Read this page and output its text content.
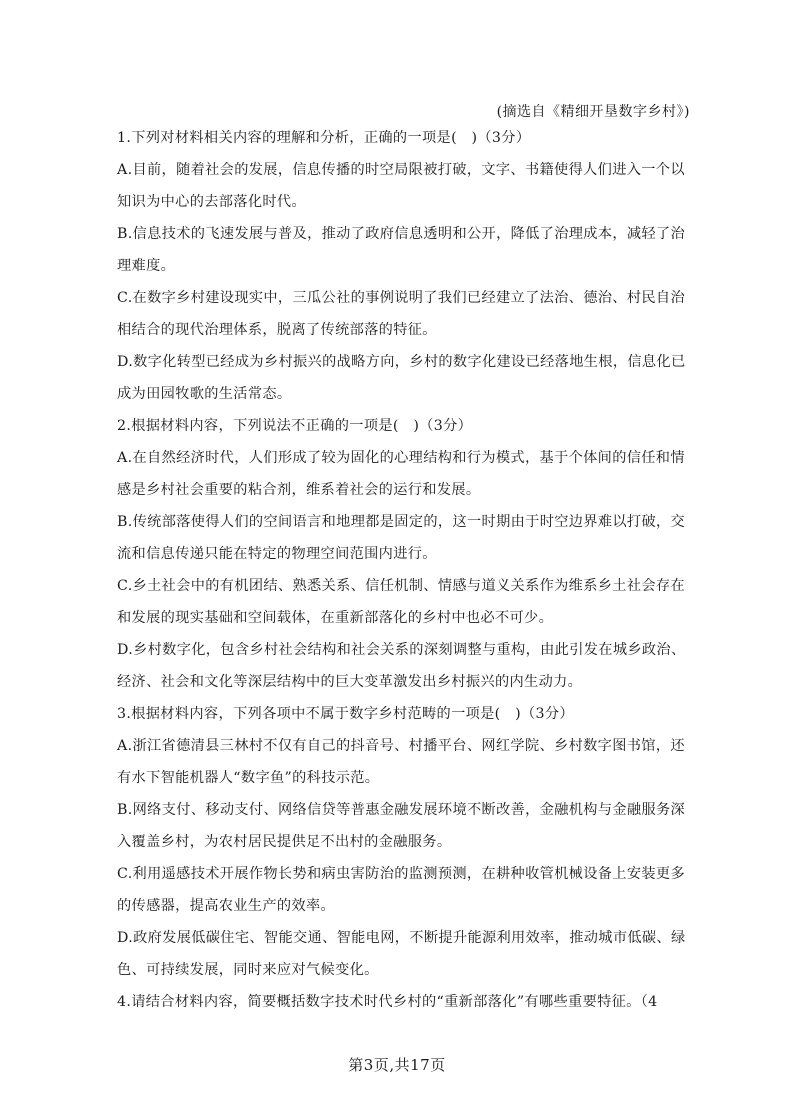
(摘选自《精细开垦数字乡村》)
1.下列对材料相关内容的理解和分析，正确的一项是(　)（3分）
A.目前，随着社会的发展，信息传播的时空局限被打破，文字、书籍使得人们进入一个以
知识为中心的去部落化时代。
B.信息技术的飞速发展与普及，推动了政府信息透明和公开，降低了治理成本，减轻了治
理难度。
C.在数字乡村建设现实中，三瓜公社的事例说明了我们已经建立了法治、德治、村民自治
相结合的现代治理体系，脱离了传统部落的特征。
D.数字化转型已经成为乡村振兴的战略方向，乡村的数字化建设已经落地生根，信息化已
成为田园牧歌的生活常态。
2.根据材料内容，下列说法不正确的一项是(　)（3分）
A.在自然经济时代，人们形成了较为固化的心理结构和行为模式，基于个体间的信任和情
感是乡村社会重要的粘合剂，维系着社会的运行和发展。
B.传统部落使得人们的空间语言和地理都是固定的，这一时期由于时空边界难以打破，交
流和信息传递只能在特定的物理空间范围内进行。
C.乡土社会中的有机团结、熟悉关系、信任机制、情感与道义关系作为维系乡土社会存在
和发展的现实基础和空间载体，在重新部落化的乡村中也必不可少。
D.乡村数字化，包含乡村社会结构和社会关系的深刻调整与重构，由此引发在城乡政治、
经济、社会和文化等深层结构中的巨大变革激发出乡村振兴的内生动力。
3.根据材料内容，下列各项中不属于数字乡村范畴的一项是(　)（3分）
A.浙江省德清县三林村不仅有自己的抖音号、村播平台、网红学院、乡村数字图书馆，还
有水下智能机器人“数字鱼”的科技示范。
B.网络支付、移动支付、网络信贷等普惠金融发展环境不断改善，金融机构与金融服务深
入覆盖乡村，为农村居民提供足不出村的金融服务。
C.利用遥感技术开展作物长势和病虫害防治的监测预测，在耕种收管机械设备上安装更多
的传感器，提高农业生产的效率。
D.政府发展低碳住宅、智能交通、智能电网，不断提升能源利用效率，推动城市低碳、绿
色、可持续发展，同时来应对气候变化。
4.请结合材料内容，简要概括数字技术时代乡村的“重新部落化”有哪些重要特征。（4
第3页,共17页
